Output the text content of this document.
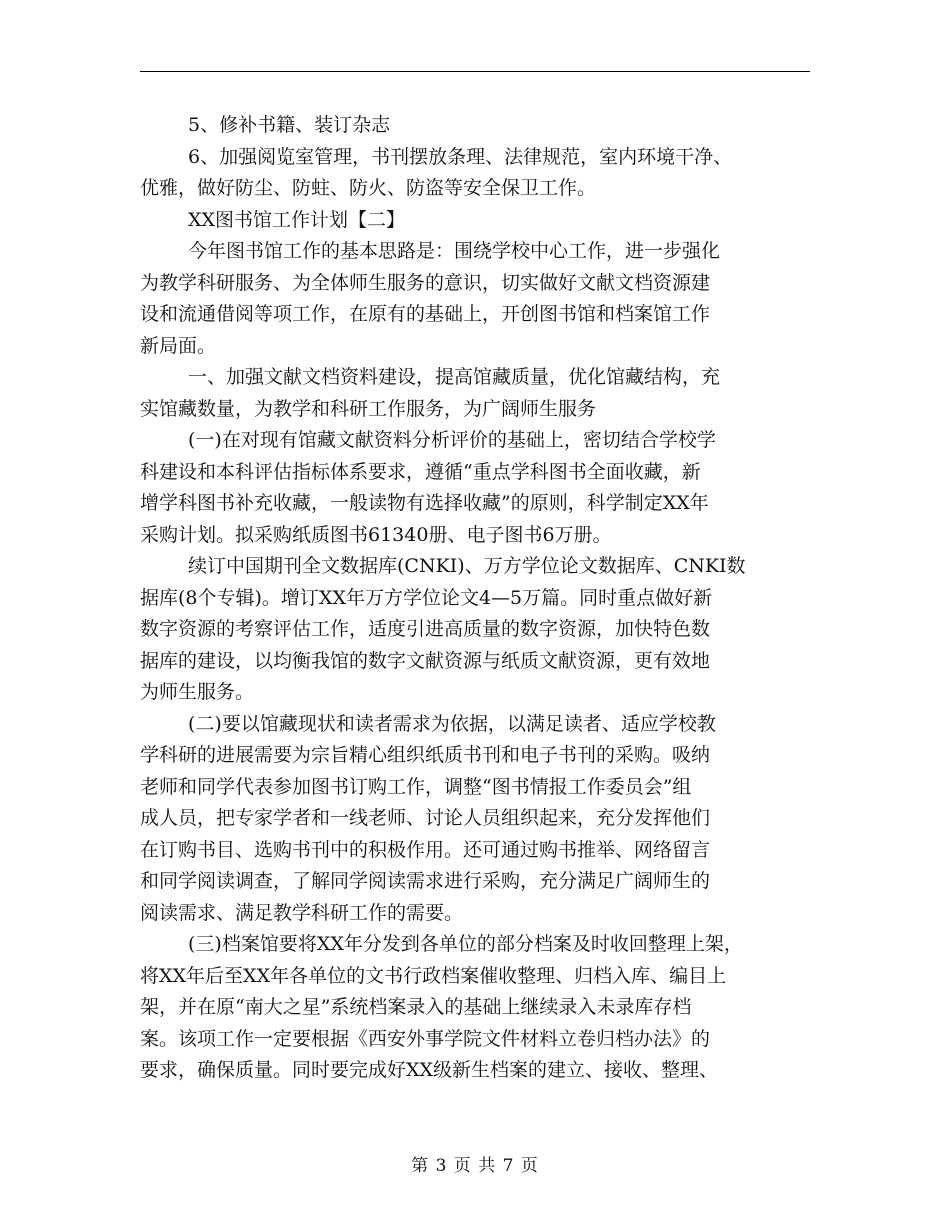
5、修补书籍、装订杂志
6、加强阅览室管理，书刊摆放条理、法律规范，室内环境干净、
优雅，做好防尘、防蛀、防火、防盗等安全保卫工作。
XX图书馆工作计划【二】
今年图书馆工作的基本思路是：围绕学校中心工作，进一步强化
为教学科研服务、为全体师生服务的意识，切实做好文献文档资源建
设和流通借阅等项工作，在原有的基础上，开创图书馆和档案馆工作
新局面。
一、加强文献文档资料建设，提高馆藏质量，优化馆藏结构，充
实馆藏数量，为教学和科研工作服务，为广阔师生服务
(一)在对现有馆藏文献资料分析评价的基础上，密切结合学校学
科建设和本科评估指标体系要求，遵循“重点学科图书全面收藏，新
增学科图书补充收藏，一般读物有选择收藏”的原则，科学制定XX年
采购计划。拟采购纸质图书61340册、电子图书6万册。
续订中国期刊全文数据库(CNKI)、万方学位论文数据库、CNKI数
据库(8个专辑)。增订XX年万方学位论文4—5万篇。同时重点做好新
数字资源的考察评估工作，适度引进高质量的数字资源，加快特色数
据库的建设，以均衡我馆的数字文献资源与纸质文献资源，更有效地
为师生服务。
(二)要以馆藏现状和读者需求为依据，以满足读者、适应学校教
学科研的进展需要为宗旨精心组织纸质书刊和电子书刊的采购。吸纳
老师和同学代表参加图书订购工作，调整“图书情报工作委员会”组
成人员，把专家学者和一线老师、讨论人员组织起来，充分发挥他们
在订购书目、选购书刊中的积极作用。还可通过购书推举、网络留言
和同学阅读调查，了解同学阅读需求进行采购，充分满足广阔师生的
阅读需求、满足教学科研工作的需要。
(三)档案馆要将XX年分发到各单位的部分档案及时收回整理上架，
将XX年后至XX年各单位的文书行政档案催收整理、归档入库、编目上
架，并在原“南大之星”系统档案录入的基础上继续录入未录库存档
案。该项工作一定要根据《西安外事学院文件材料立卷归档办法》的
要求，确保质量。同时要完成好XX级新生档案的建立、接收、整理、
第 3 页 共 7 页
